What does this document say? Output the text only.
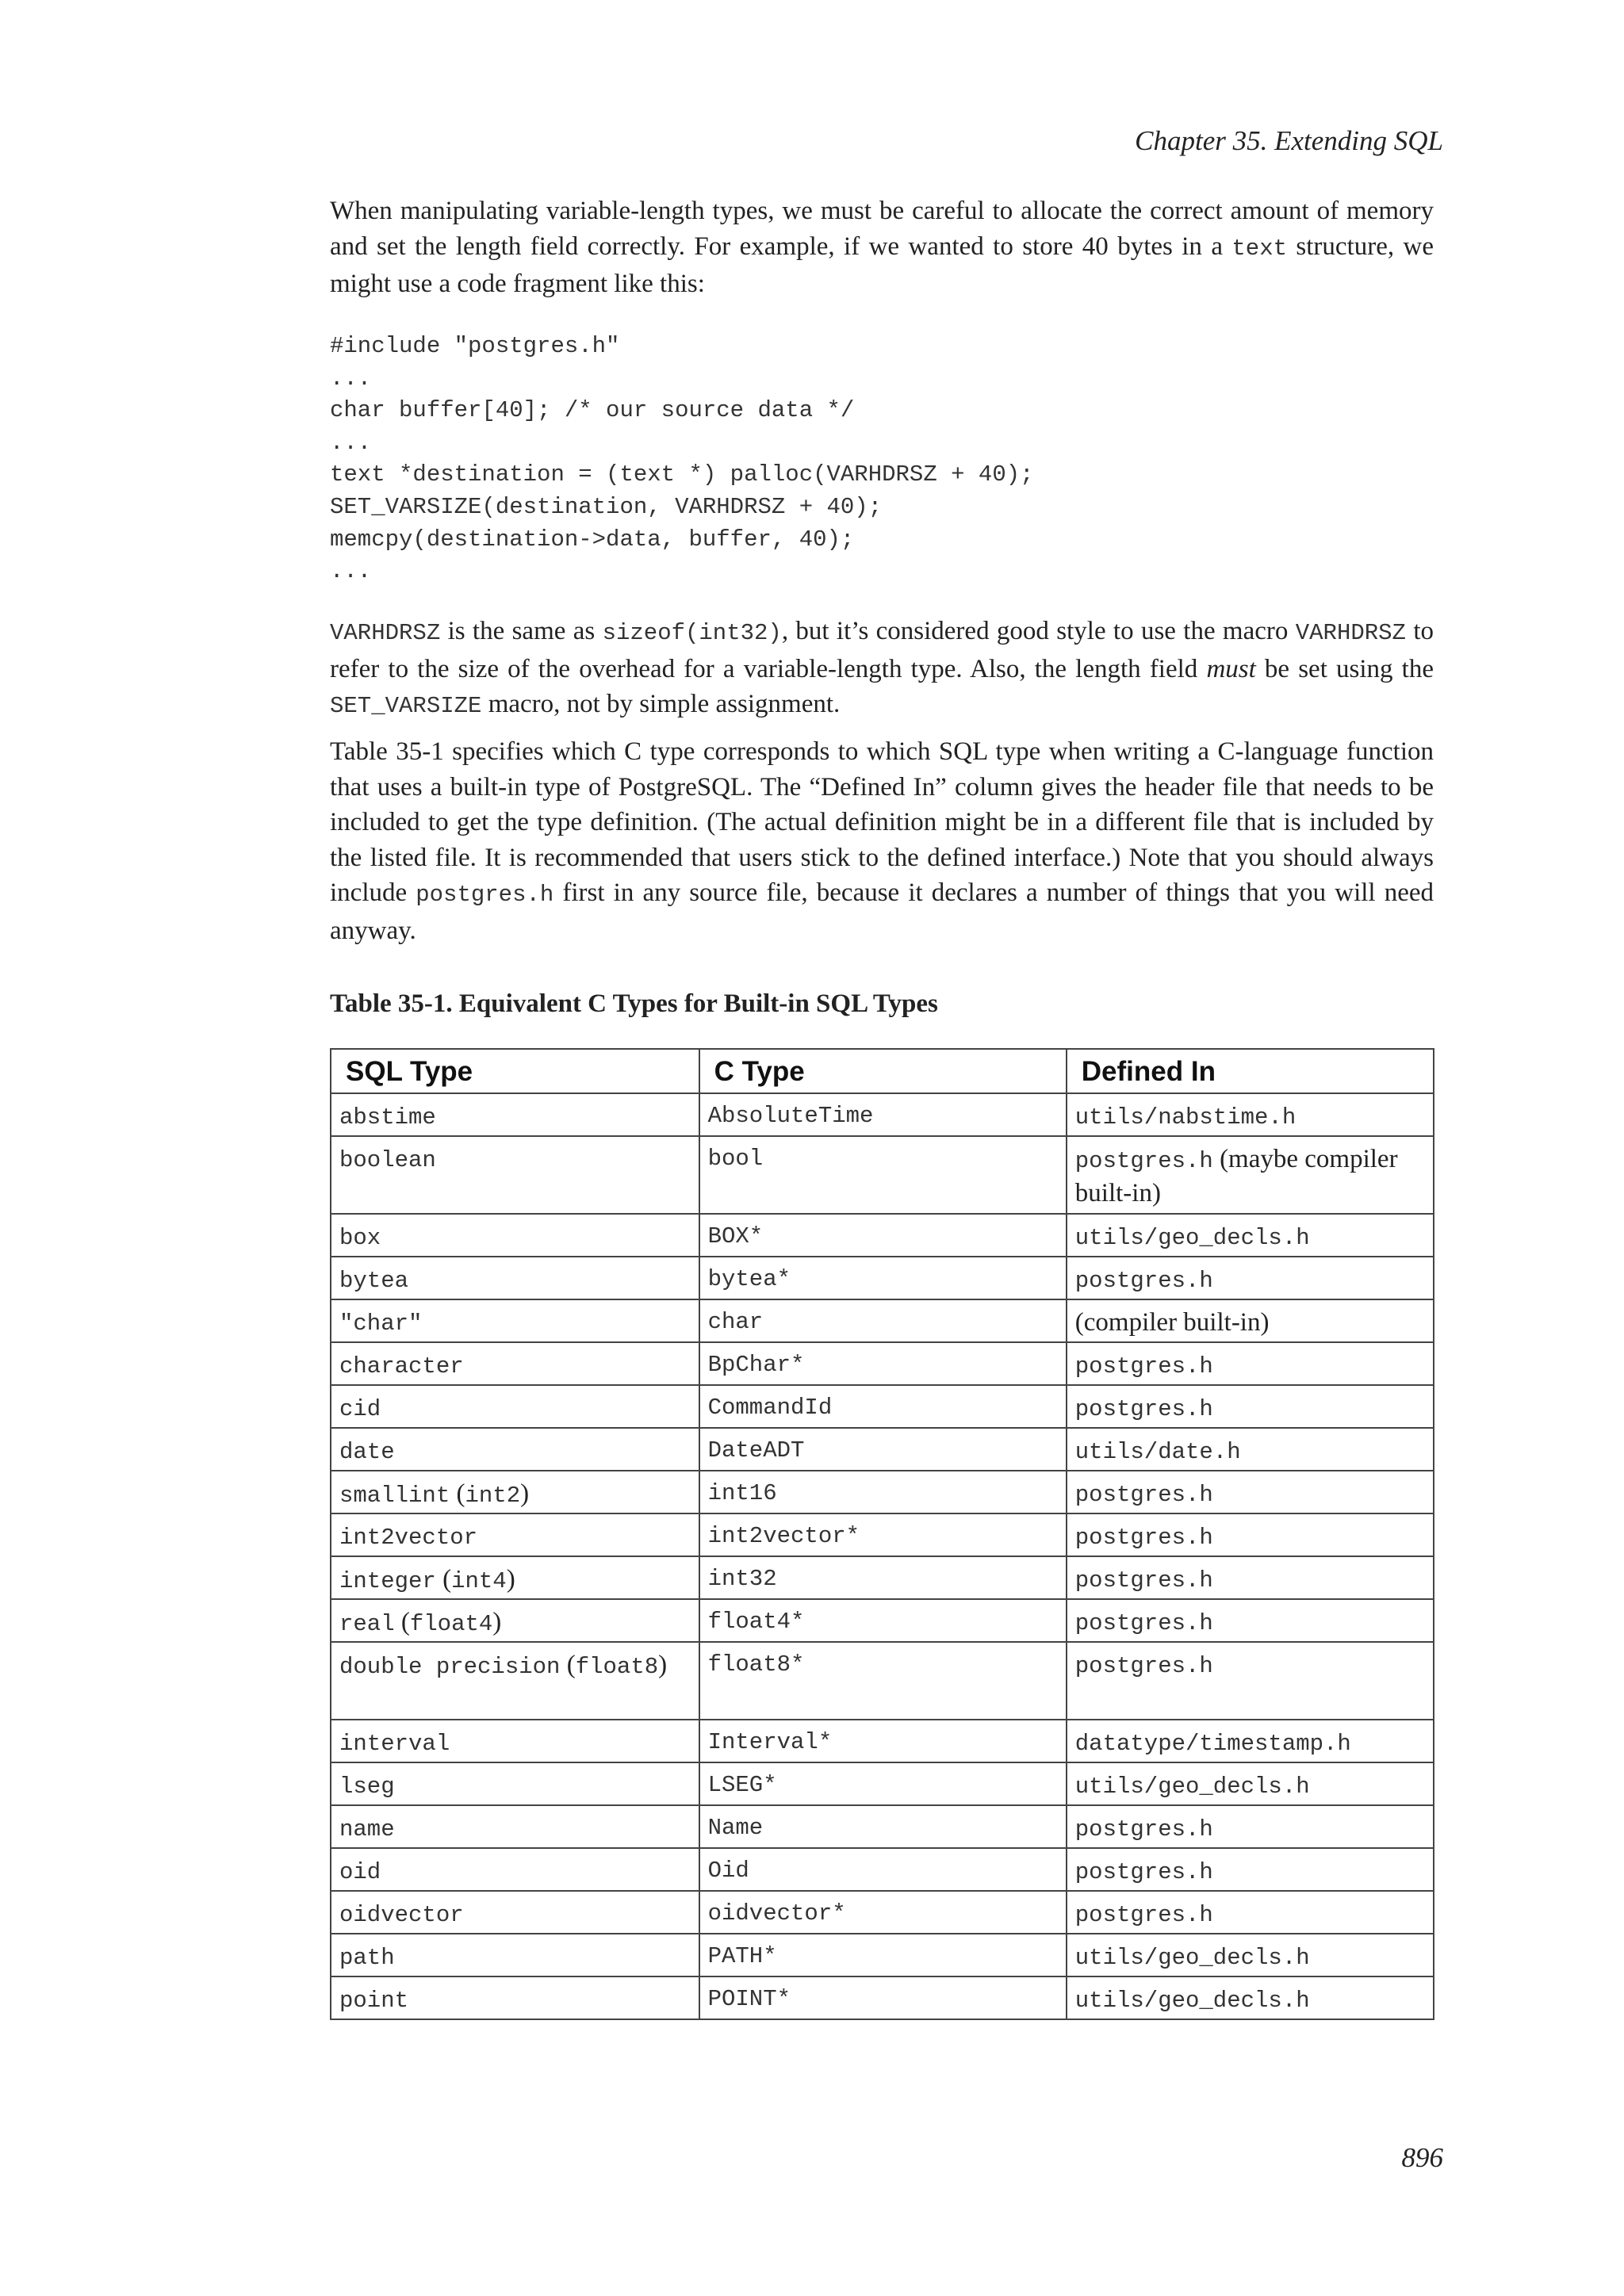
Chapter 35. Extending SQL

When manipulating variable-length types, we must be careful to allocate the correct amount of memory and set the length field correctly. For example, if we wanted to store 40 bytes in a text structure, we might use a code fragment like this:

#include "postgres.h"
...
char buffer[40]; /* our source data */
...
text *destination = (text *) palloc(VARHDRSZ + 40);
SET_VARSIZE(destination, VARHDRSZ + 40);
memcpy(destination->data, buffer, 40);
...

VARHDRSZ is the same as sizeof(int32), but it’s considered good style to use the macro VARHDRSZ to refer to the size of the overhead for a variable-length type. Also, the length field must be set using the SET_VARSIZE macro, not by simple assignment.

Table 35-1 specifies which C type corresponds to which SQL type when writing a C-language function that uses a built-in type of PostgreSQL. The “Defined In” column gives the header file that needs to be included to get the type definition. (The actual definition might be in a different file that is included by the listed file. It is recommended that users stick to the defined interface.) Note that you should always include postgres.h first in any source file, because it declares a number of things that you will need anyway.

Table 35-1. Equivalent C Types for Built-in SQL Types

SQL Type	C Type	Defined In
abstime	AbsoluteTime	utils/nabstime.h
boolean	bool	postgres.h (maybe compiler built-in)
box	BOX*	utils/geo_decls.h
bytea	bytea*	postgres.h
"char"	char	(compiler built-in)
character	BpChar*	postgres.h
cid	CommandId	postgres.h
date	DateADT	utils/date.h
smallint (int2)	int16	postgres.h
int2vector	int2vector*	postgres.h
integer (int4)	int32	postgres.h
real (float4)	float4*	postgres.h
double precision (float8)	float8*	postgres.h
interval	Interval*	datatype/timestamp.h
lseg	LSEG*	utils/geo_decls.h
name	Name	postgres.h
oid	Oid	postgres.h
oidvector	oidvector*	postgres.h
path	PATH*	utils/geo_decls.h
point	POINT*	utils/geo_decls.h
896
